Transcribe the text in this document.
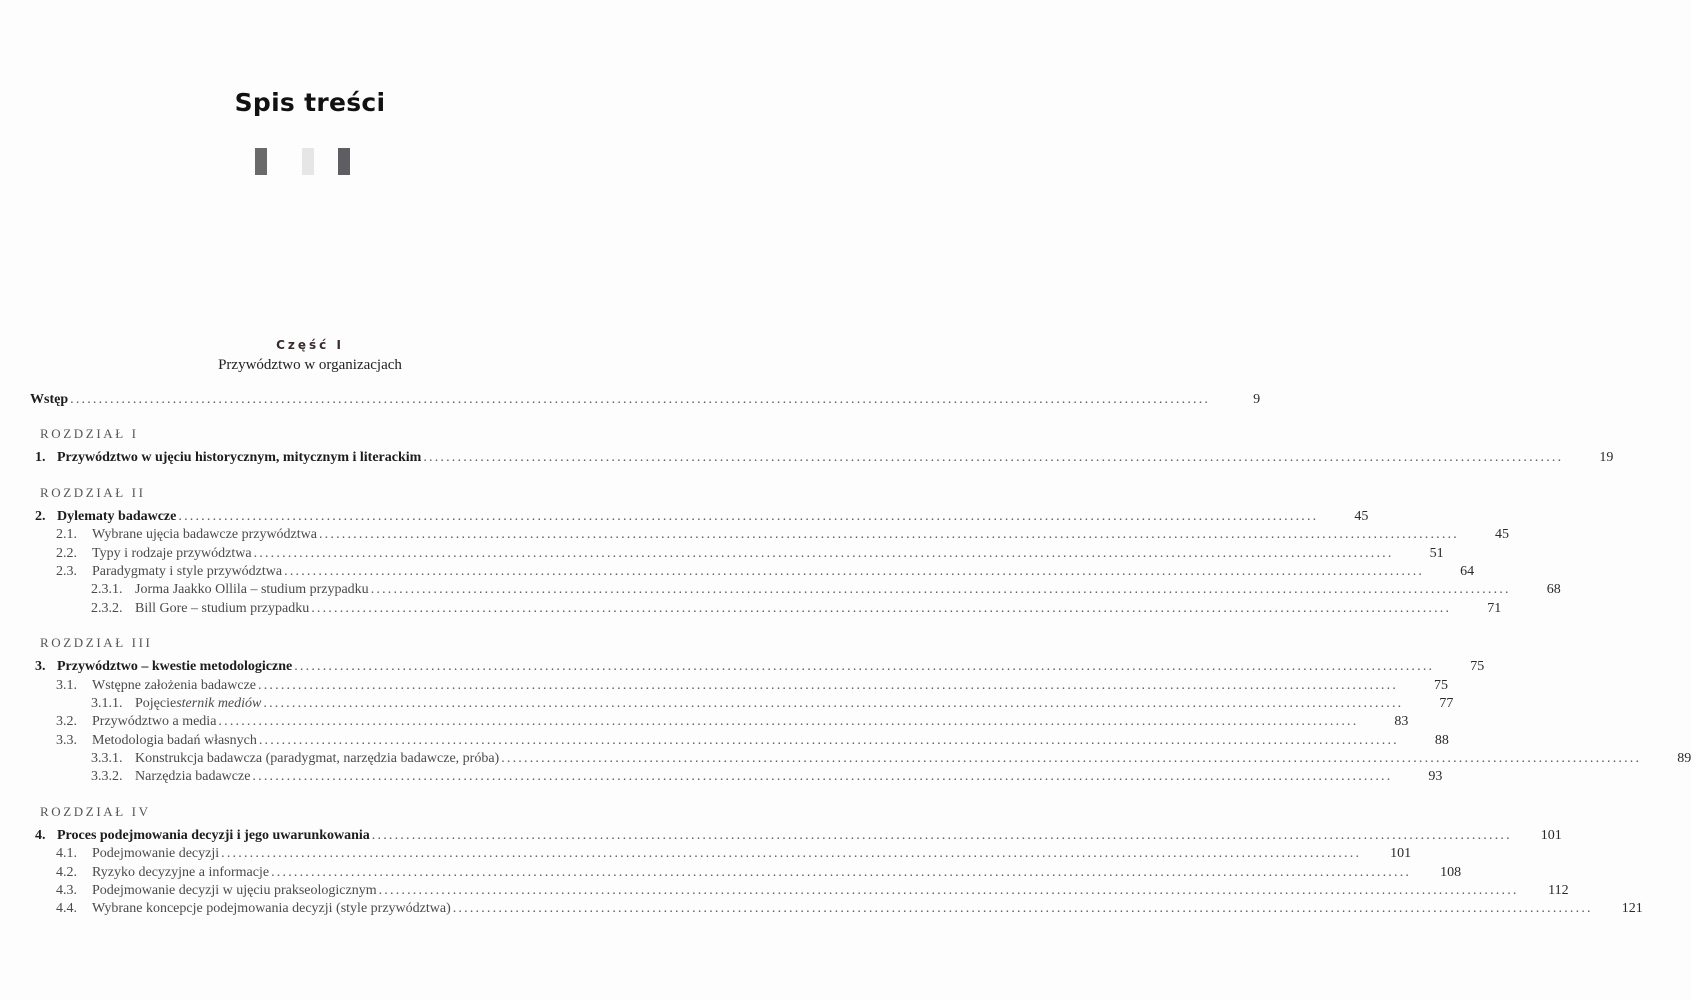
Spis treści
Część I
Przywództwo w organizacjach
Wstęp ........................................................................................................................................................................................................	9
ROZDZIAŁ I
1. Przywództwo w ujęciu historycznym, mitycznym i literackim ........................................................................................................................................................................................................	19
ROZDZIAŁ II
2. Dylematy badawcze ........................................................................................................................................................................................................	45
2.1.	Wybrane ujęcia badawcze przywództwa ........................................................................................................................................................................................................	45
2.2.	Typy i rodzaje przywództwa ........................................................................................................................................................................................................	51
2.3.	Paradygmaty i style przywództwa ........................................................................................................................................................................................................	64
2.3.1. Jorma Jaakko Ollila – studium przypadku ........................................................................................................................................................................................................	68
2.3.2. Bill Gore – studium przypadku ........................................................................................................................................................................................................	71
ROZDZIAŁ III
3. Przywództwo – kwestie metodologiczne ........................................................................................................................................................................................................	75
3.1.	Wstępne założenia badawcze ........................................................................................................................................................................................................	75
3.1.1. Pojęcie sternik mediów ........................................................................................................................................................................................................	77
3.2.	Przywództwo a media ........................................................................................................................................................................................................	83
3.3.	Metodologia badań własnych ........................................................................................................................................................................................................	88
3.3.1. Konstrukcja badawcza (paradygmat, narzędzia badawcze, próba) ........................................................................................................................................................................................................	89
3.3.2. Narzędzia badawcze ........................................................................................................................................................................................................	93
ROZDZIAŁ IV
4. Proces podejmowania decyzji i jego uwarunkowania ........................................................................................................................................................................................................	101
4.1.	Podejmowanie decyzji ........................................................................................................................................................................................................	101
4.2.	Ryzyko decyzyjne a informacje ........................................................................................................................................................................................................	108
4.3.	Podejmowanie decyzji w ujęciu prakseologicznym ........................................................................................................................................................................................................	112
4.4.	Wybrane koncepcje podejmowania decyzji (style przywództwa) ........................................................................................................................................................................................................	121
